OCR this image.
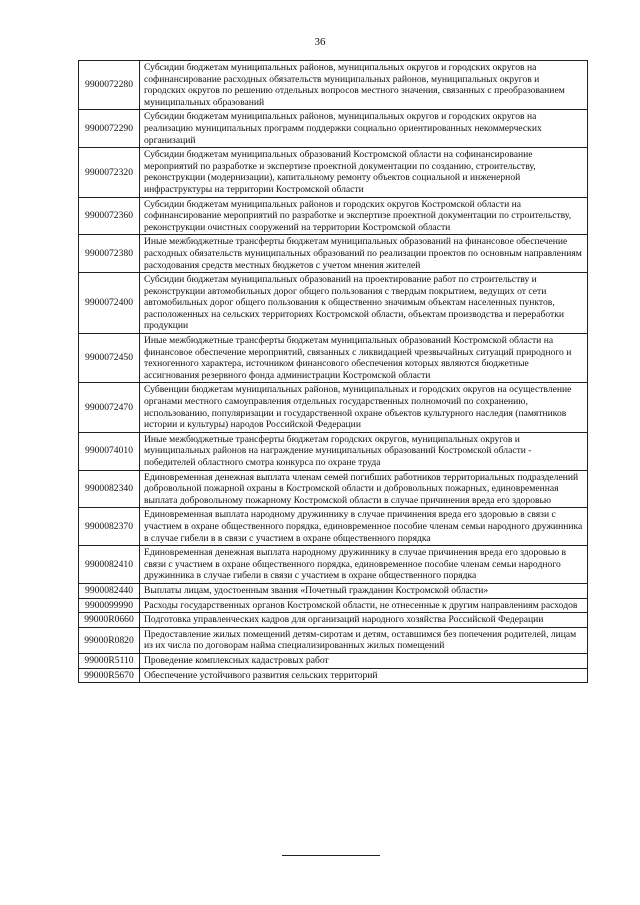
36
9900072280	Субсидии бюджетам муниципальных районов, муниципальных округов и городских округов на софинансирование расходных обязательств муниципальных районов, муниципальных округов и городских округов по решению отдельных вопросов местного значения, связанных с преобразованием муниципальных образований
9900072290	Субсидии бюджетам муниципальных районов, муниципальных округов и городских округов на реализацию муниципальных программ поддержки социально ориентированных некоммерческих организаций
9900072320	Субсидии бюджетам муниципальных образований Костромской области на софинансирование мероприятий по разработке и экспертизе проектной документации по созданию, строительству, реконструкции (модернизации), капитальному ремонту объектов социальной и инженерной инфраструктуры на территории Костромской области
9900072360	Субсидии бюджетам муниципальных районов и городских округов Костромской области на софинансирование мероприятий по разработке и экспертизе проектной документации по строительству, реконструкции очистных сооружений на территории Костромской области
9900072380	Иные межбюджетные трансферты бюджетам муниципальных образований на финансовое обеспечение расходных обязательств муниципальных образований по реализации проектов по основным направлениям расходования средств местных бюджетов с учетом мнения жителей
9900072400	Субсидии бюджетам муниципальных образований на проектирование работ по строительству и реконструкции автомобильных дорог общего пользования с твердым покрытием, ведущих от сети автомобильных дорог общего пользования к общественно значимым объектам населенных пунктов, расположенных на сельских территориях Костромской области, объектам производства и переработки продукции
9900072450	Иные межбюджетные трансферты бюджетам муниципальных образований Костромской области на финансовое обеспечение мероприятий, связанных с ликвидацией чрезвычайных ситуаций природного и техногенного характера, источником финансового обеспечения которых являются бюджетные ассигнования резервного фонда администрации Костромской области
9900072470	Субвенции бюджетам муниципальных районов, муниципальных и городских округов на осуществление органами местного самоуправления отдельных государственных полномочий по сохранению, использованию, популяризации и государственной охране объектов культурного наследия (памятников истории и культуры) народов Российской Федерации
9900074010	Иные межбюджетные трансферты бюджетам городских округов, муниципальных округов и муниципальных районов на награждение муниципальных образований Костромской области - победителей областного смотра конкурса по охране труда
9900082340	Единовременная денежная выплата членам семей погибших работников территориальных подразделений добровольной пожарной охраны в Костромской области и добровольных пожарных, единовременная выплата добровольному пожарному Костромской области в случае причинения вреда его здоровью
9900082370	Единовременная выплата народному дружиннику в случае причинения вреда его здоровью в связи с участием в охране общественного порядка, единовременное пособие членам семьи народного дружинника в случае гибели в в связи с участием в охране общественного порядка
9900082410	Единовременная денежная выплата народному дружиннику в случае причинения вреда его здоровью в связи с участием в охране общественного порядка, единовременное пособие членам семьи народного дружинника в случае гибели в связи с участием в охране общественного порядка
9900082440	Выплаты лицам, удостоенным звания «Почетный гражданин Костромской области»
9900099990	Расходы государственных органов Костромской области, не отнесенные к другим направлениям расходов
99000R0660	Подготовка управленческих кадров для организаций народного хозяйства Российской Федерации
99000R0820	Предоставление жилых помещений детям-сиротам и детям, оставшимся без попечения родителей, лицам из их числа по договорам найма специализированных жилых помещений
99000R5110	Проведение комплексных кадастровых работ
99000R5670	Обеспечение устойчивого развития сельских территорий
